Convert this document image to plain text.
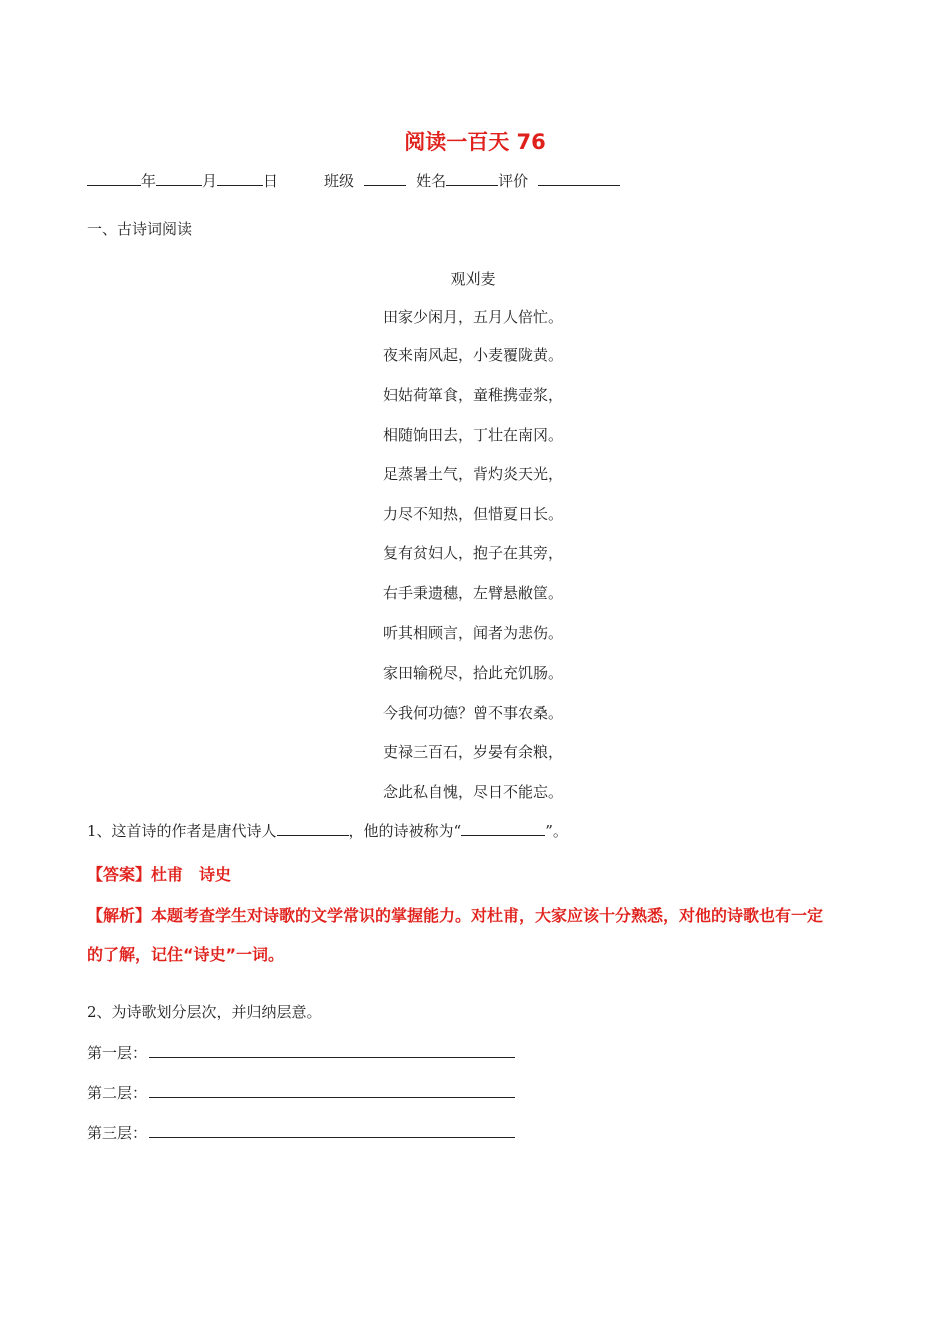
阅读一百天 76
年	月	日	班级	姓名	评价
一、古诗词阅读
观刈麦
田家少闲月，五月人倍忙。
夜来南风起，小麦覆陇黄。
妇姑荷箪食，童稚携壶浆，
相随饷田去，丁壮在南冈。
足蒸暑土气，背灼炎天光，
力尽不知热，但惜夏日长。
复有贫妇人，抱子在其旁，
右手秉遗穗，左臂悬敝筐。
听其相顾言，闻者为悲伤。
家田输税尽，拾此充饥肠。
今我何功德？曾不事农桑。
吏禄三百石，岁晏有余粮，
念此私自愧，尽日不能忘。
1、这首诗的作者是唐代诗人	，他的诗被称为“	”。
【答案】杜甫　诗史
【解析】本题考查学生对诗歌的文学常识的掌握能力。对杜甫，大家应该十分熟悉，对他的诗歌也有一定
的了解，记住“诗史”一词。
2、为诗歌划分层次，并归纳层意。
第一层：
第二层：
第三层：
